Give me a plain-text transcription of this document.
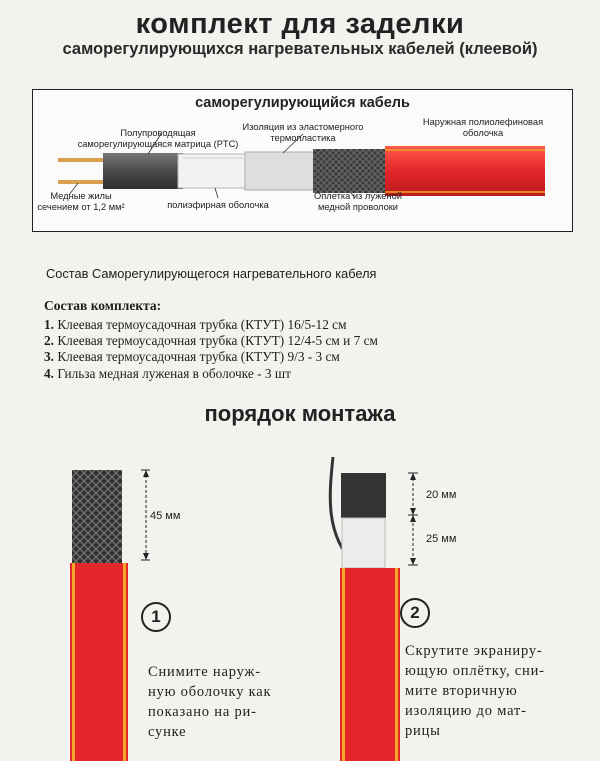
комплект для заделки
саморегулирующихся нагревательных кабелей (клеевой)
саморегулирующийся кабель
Полупроводящая
саморегулирующаяся матрица (PTC)
Изоляция из эластомерного
термопластика
Наружная полиолефиновая
оболочка
Медные жилы
сечением от 1,2 мм²	полиэфирная оболочка
Оплетка из луженой
медной проволоки
Состав Саморегулирующегося нагревательного кабеля
Состав комплекта:
1. Клеевая термоусадочная трубка (КТУТ) 16/5-12 см
2. Клеевая термоусадочная трубка (КТУТ) 12/4-5 см и 7 см
3. Клеевая термоусадочная трубка (КТУТ) 9/3 - 3 см
4. Гильза медная луженая в оболочке - 3 шт
порядок монтажа
45 мм
20 мм
25 мм
1	2
Снимите наруж-
ную оболочку как
показано на ри-
сунке
Скрутите экраниру-
ющую оплётку, сни-
мите вторичную
изоляцию до мат-
рицы
